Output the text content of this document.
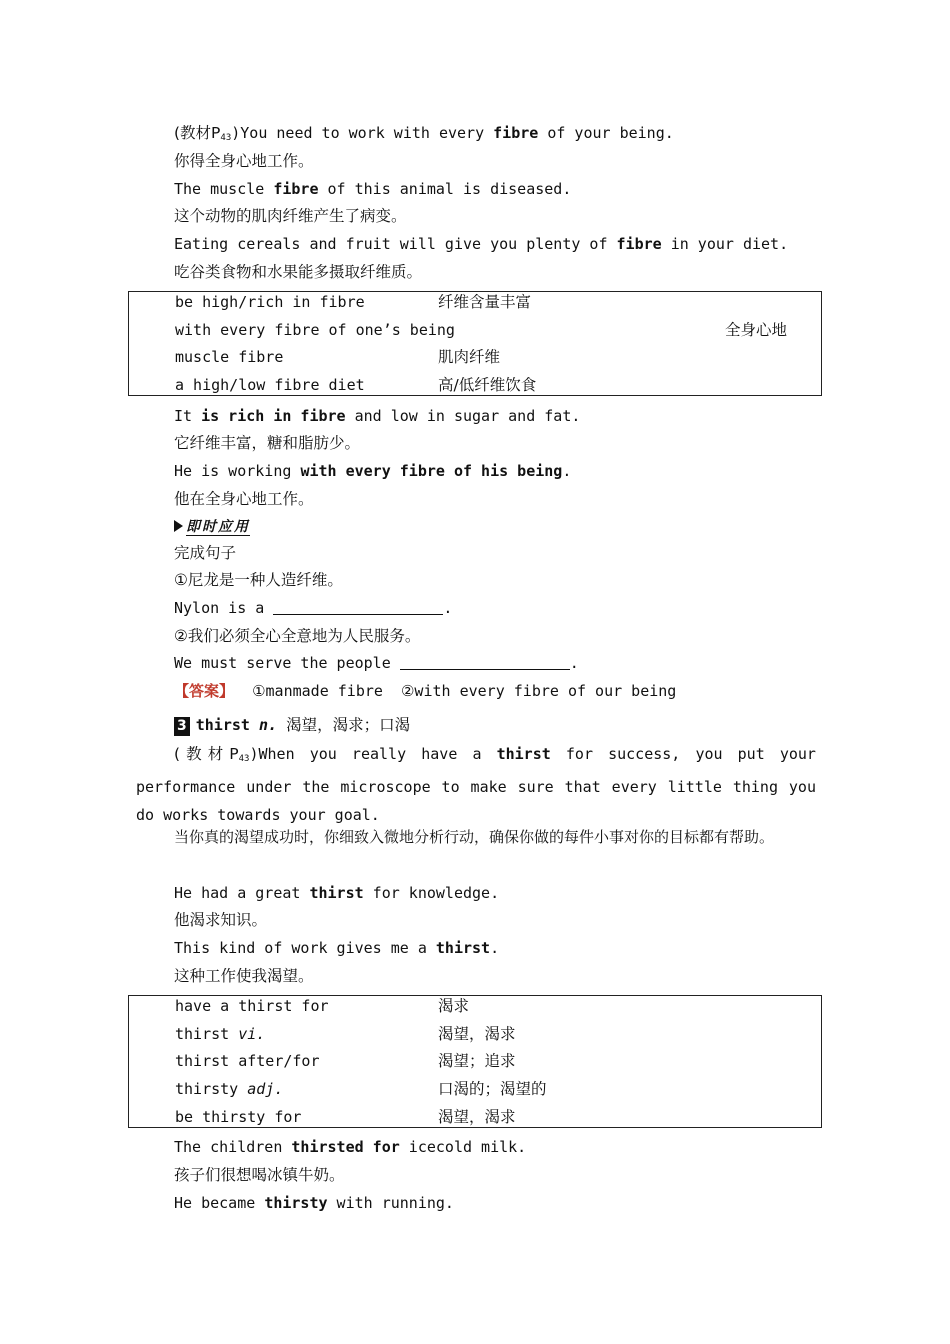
(教材$P_{43})You$ need to work with every fibre of your being.
你得全身心地工作。
The muscle fibre of this animal is diseased.
这个动物的肌肉纤维产生了病变。
Eating cereals and fruit will give you plenty of fibre in your diet.
吃谷类食物和水果能多摄取纤维质。
be high/rich in fibre	纤维含量丰富
with every fibre of one’s being	全身心地
muscle fibre	肌肉纤维
a high/low fibre diet	高/低纤维饮食
It is rich in fibre and low in sugar and fat.
它纤维丰富，糖和脂肪少。
He is working with every fibre of his being.
他在全身心地工作。
即时应用
完成句子
①尼龙是一种人造纤维。
Nylon is a	.
②我们必须全心全意地为人民服务。
We must serve the people	.
【答案】 ①manmade fibre  ②with every fibre of our being
3 thirst n. 渴望，渴求；口渴
(教材$P_{43})When$ you really have a thirst for success, you put your performance under the microscope to make sure that every little thing you do works towards your goal.
当你真的渴望成功时，你细致入微地分析行动，确保你做的每件小事对你的目标都有帮助。
He had a great thirst for knowledge.
他渴求知识。
This kind of work gives me a thirst.
这种工作使我渴望。
have a thirst for	渴求
thirst vi.	渴望，渴求
thirst after/for	渴望；追求
thirsty adj.	口渴的；渴望的
be thirsty for	渴望，渴求
The children thirsted for icecold milk.
孩子们很想喝冰镇牛奶。
He became thirsty with running.
